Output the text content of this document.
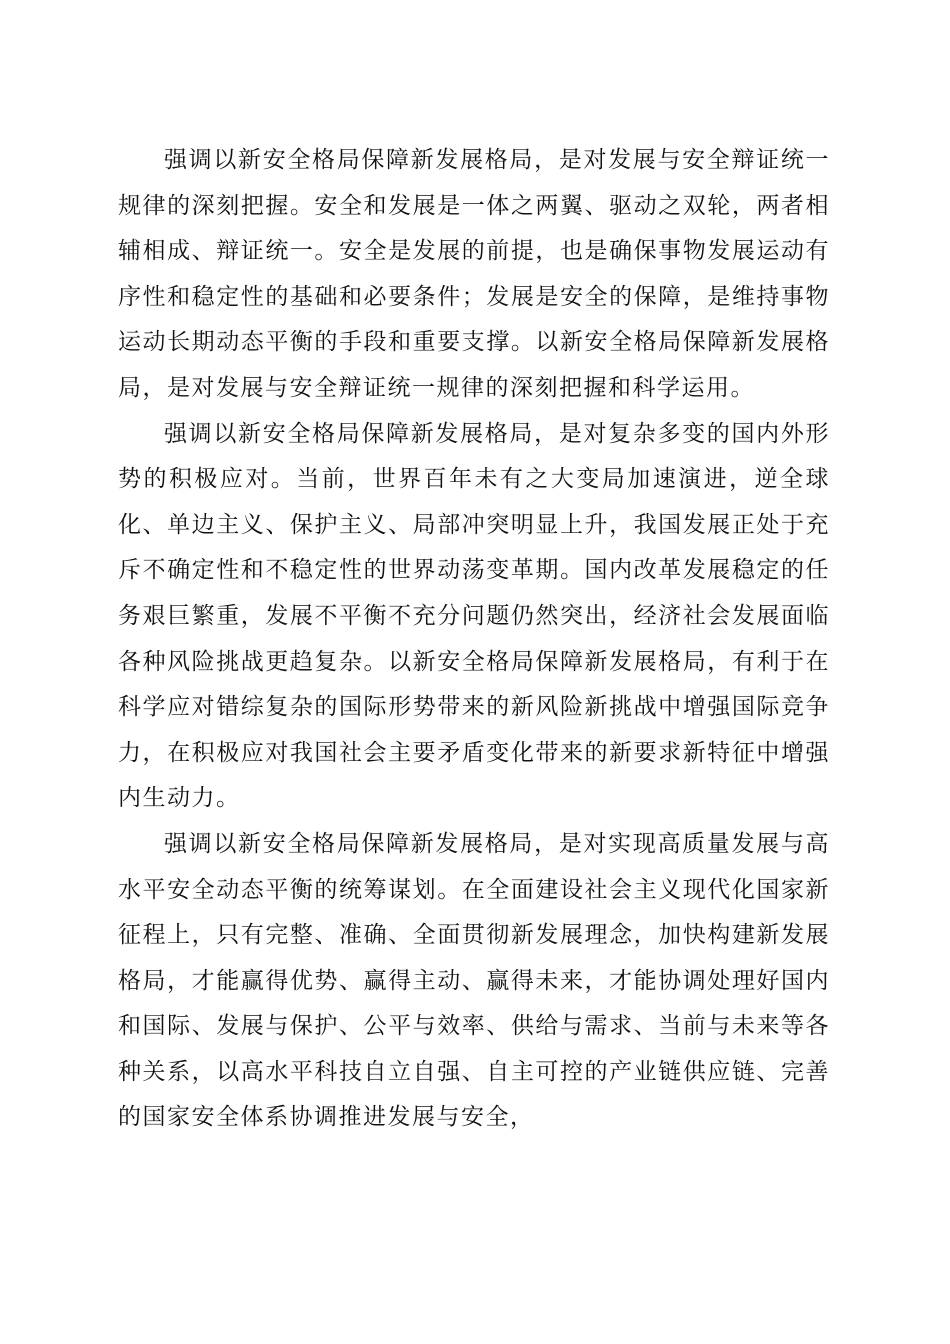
强调以新安全格局保障新发展格局，是对发展与安全辩证统一规律的深刻把握。安全和发展是一体之两翼、驱动之双轮，两者相辅相成、辩证统一。安全是发展的前提，也是确保事物发展运动有序性和稳定性的基础和必要条件；发展是安全的保障，是维持事物运动长期动态平衡的手段和重要支撑。以新安全格局保障新发展格局，是对发展与安全辩证统一规律的深刻把握和科学运用。

强调以新安全格局保障新发展格局，是对复杂多变的国内外形势的积极应对。当前，世界百年未有之大变局加速演进，逆全球化、单边主义、保护主义、局部冲突明显上升，我国发展正处于充斥不确定性和不稳定性的世界动荡变革期。国内改革发展稳定的任务艰巨繁重，发展不平衡不充分问题仍然突出，经济社会发展面临各种风险挑战更趋复杂。以新安全格局保障新发展格局，有利于在科学应对错综复杂的国际形势带来的新风险新挑战中增强国际竞争力，在积极应对我国社会主要矛盾变化带来的新要求新特征中增强内生动力。

强调以新安全格局保障新发展格局，是对实现高质量发展与高水平安全动态平衡的统筹谋划。在全面建设社会主义现代化国家新征程上，只有完整、准确、全面贯彻新发展理念，加快构建新发展格局，才能赢得优势、赢得主动、赢得未来，才能协调处理好国内和国际、发展与保护、公平与效率、供给与需求、当前与未来等各种关系，以高水平科技自立自强、自主可控的产业链供应链、完善的国家安全体系协调推进发展与安全，
